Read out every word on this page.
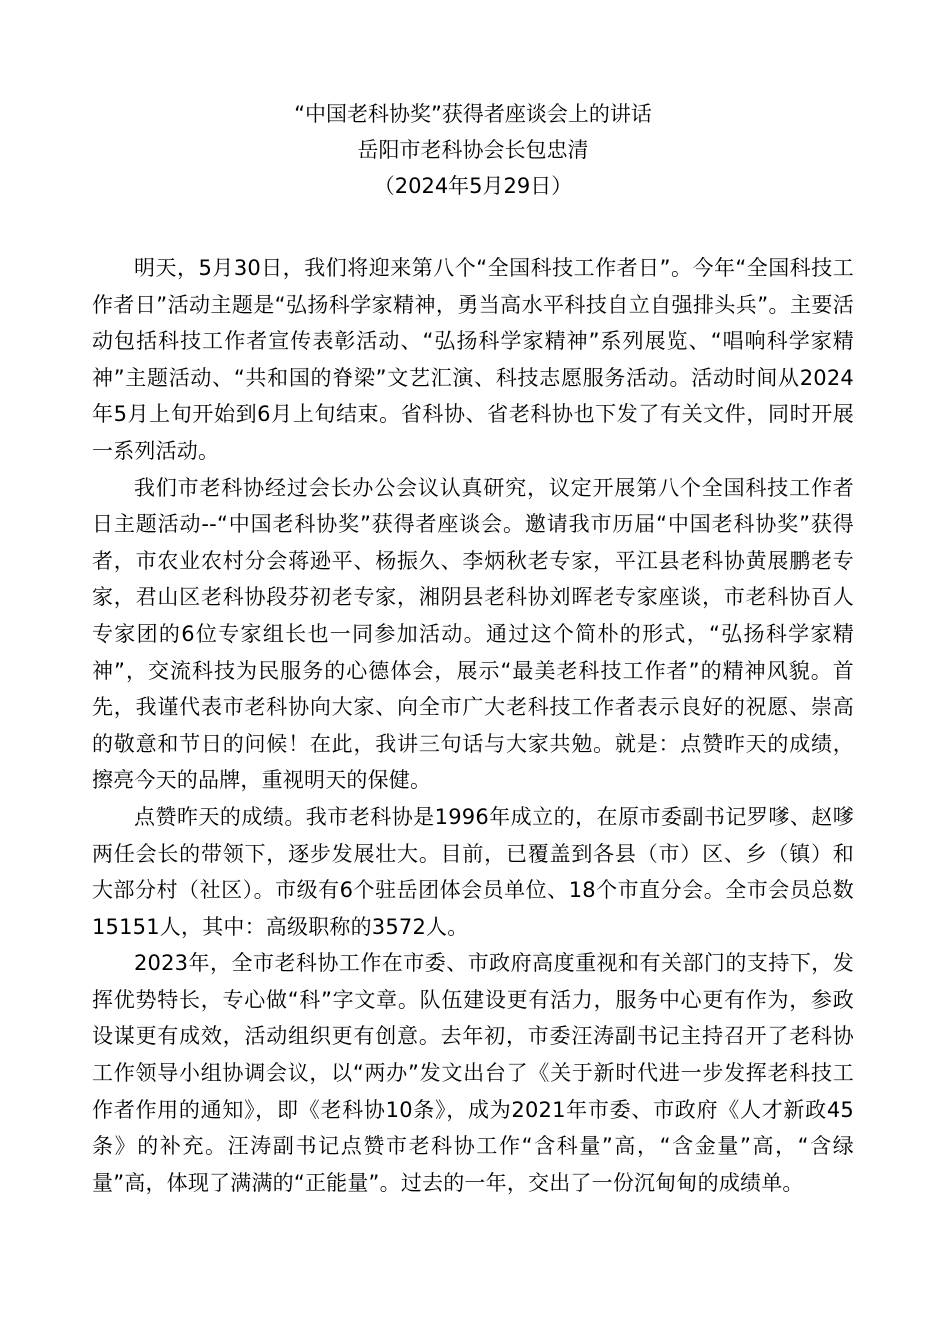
“中国老科协奖”获得者座谈会上的讲话

岳阳市老科协会长包忠清

（2024年5月29日）

明天，5月30日，我们将迎来第八个“全国科技工作者日”。今年“全国科技工作者日”活动主题是“弘扬科学家精神，勇当高水平科技自立自强排头兵”。主要活动包括科技工作者宣传表彰活动、“弘扬科学家精神”系列展览、“唱响科学家精神”主题活动、“共和国的脊梁”文艺汇演、科技志愿服务活动。活动时间从2024年5月上旬开始到6月上旬结束。省科协、省老科协也下发了有关文件，同时开展一系列活动。

我们市老科协经过会长办公会议认真研究，议定开展第八个全国科技工作者日主题活动--“中国老科协奖”获得者座谈会。邀请我市历届“中国老科协奖”获得者，市农业农村分会蒋逊平、杨振久、李炳秋老专家，平江县老科协黄展鹏老专家，君山区老科协段芬初老专家，湘阴县老科协刘晖老专家座谈，市老科协百人专家团的6位专家组长也一同参加活动。通过这个简朴的形式，“弘扬科学家精神”，交流科技为民服务的心德体会，展示“最美老科技工作者”的精神风貌。首先，我谨代表市老科协向大家、向全市广大老科技工作者表示良好的祝愿、崇高的敬意和节日的问候！在此，我讲三句话与大家共勉。就是：点赞昨天的成绩，擦亮今天的品牌，重视明天的保健。

点赞昨天的成绩。我市老科协是1996年成立的，在原市委副书记罗嗲、赵嗲两任会长的带领下，逐步发展壮大。目前，已覆盖到各县（市）区、乡（镇）和大部分村（社区）。市级有6个驻岳团体会员单位、18个市直分会。全市会员总数15151人，其中：高级职称的3572人。

2023年，全市老科协工作在市委、市政府高度重视和有关部门的支持下，发挥优势特长，专心做“科”字文章。队伍建设更有活力，服务中心更有作为，参政设谋更有成效，活动组织更有创意。去年初，市委汪涛副书记主持召开了老科协工作领导小组协调会议，以“两办”发文出台了《关于新时代进一步发挥老科技工作者作用的通知》，即《老科协10条》，成为2021年市委、市政府《人才新政45条》的补充。汪涛副书记点赞市老科协工作“含科量”高，“含金量”高，“含绿量”高，体现了满满的“正能量”。过去的一年，交出了一份沉甸甸的成绩单。
